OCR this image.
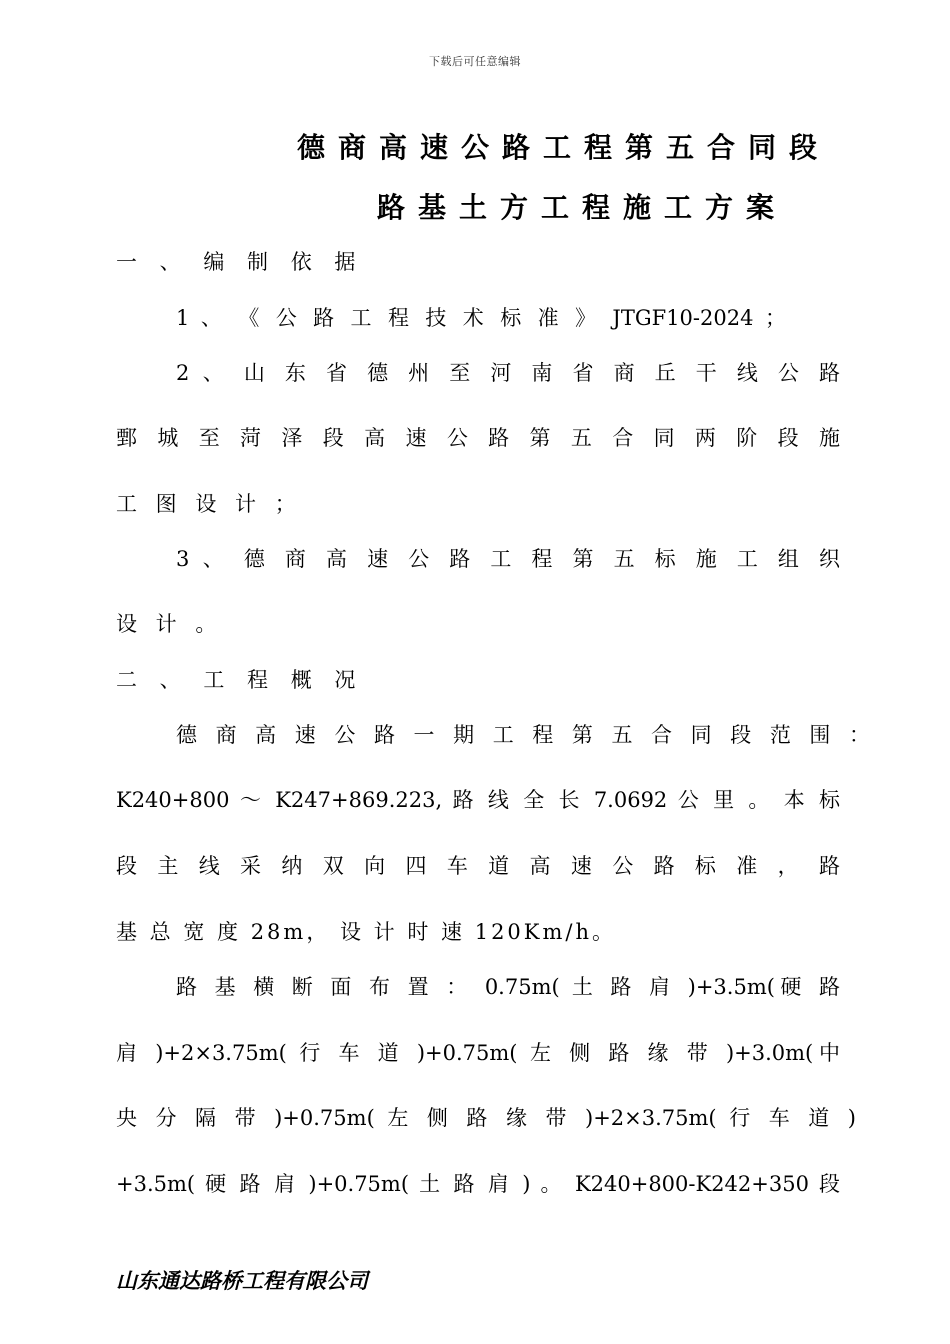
下载后可任意编辑
德商高速公路工程第五合同段
路基土方工程施工方案
一 、 编 制 依 据
1 、 《 公 路 工 程 技 术 标 准 》 JTGF10-2024 ；
2 、 山 东 省 德 州 至 河 南 省 商 丘 干 线 公 路
鄄 城 至 菏 泽 段 高 速 公 路 第 五 合 同 两 阶 段 施
工 图 设 计 ；
3 、 德 商 高 速 公 路 工 程 第 五 标 施 工 组 织
设 计 。
二 、 工 程 概 况
德 商 高 速 公 路 一 期 工 程 第 五 合 同 段 范 围 ：
K240+800 ～ K247+869.223, 路 线 全 长 7.0692 公 里 。 本 标
段 主 线 采 纳 双 向 四 车 道 高 速 公 路 标 准 ， 路
基 总 宽 度 28m， 设 计 时 速 120Km/h。
路 基 横 断 面 布 置 ： 0.75m( 土 路 肩 )+3.5m(硬 路
肩 )+2×3.75m( 行 车 道 )+0.75m( 左 侧 路 缘 带 )+3.0m(中
央 分 隔 带 )+0.75m( 左 侧 路 缘 带 )+2×3.75m( 行 车 道 )
+3.5m( 硬 路 肩 )+0.75m( 土 路 肩 ) 。 K240+800-K242+350 段
山东通达路桥工程有限公司
